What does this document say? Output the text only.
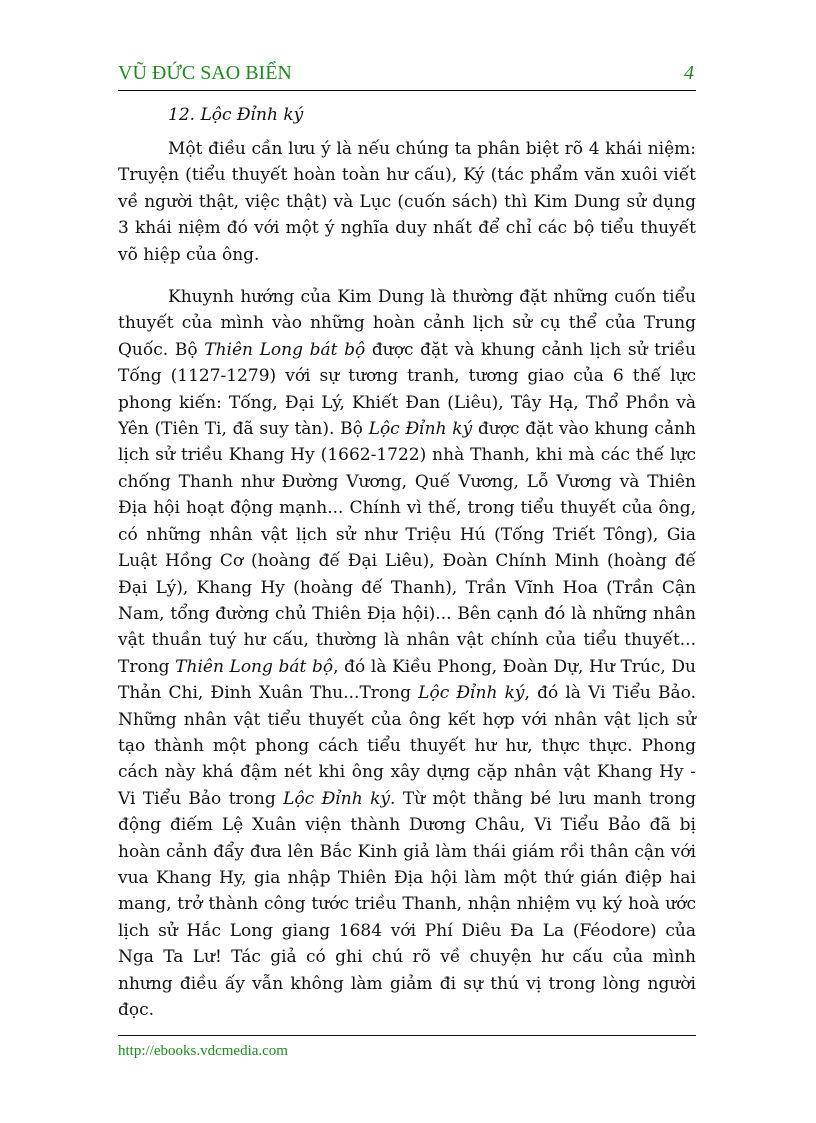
VŨ ĐỨC SAO BIỂN	4
12. Lộc Đỉnh ký

Một điều cần lưu ý là nếu chúng ta phân biệt rõ 4 khái niệm: Truyện (tiểu thuyết hoàn toàn hư cấu), Ký (tác phẩm văn xuôi viết về người thật, việc thật) và Lục (cuốn sách) thì Kim Dung sử dụng 3 khái niệm đó với một ý nghĩa duy nhất để chỉ các bộ tiểu thuyết võ hiệp của ông.

Khuynh hướng của Kim Dung là thường đặt những cuốn tiểu thuyết của mình vào những hoàn cảnh lịch sử cụ thể của Trung Quốc. Bộ Thiên Long bát bộ được đặt và khung cảnh lịch sử triều Tống (1127-1279) với sự tương tranh, tương giao của 6 thế lực phong kiến: Tống, Đại Lý, Khiết Đan (Liêu), Tây Hạ, Thổ Phồn và Yên (Tiên Ti, đã suy tàn). Bộ Lộc Đỉnh ký được đặt vào khung cảnh lịch sử triều Khang Hy (1662-1722) nhà Thanh, khi mà các thế lực chống Thanh như Đường Vương, Quế Vương, Lỗ Vương và Thiên Địa hội hoạt động mạnh... Chính vì thế, trong tiểu thuyết của ông, có những nhân vật lịch sử như Triệu Hú (Tống Triết Tông), Gia Luật Hồng Cơ (hoàng đế Đại Liêu), Đoàn Chính Minh (hoàng đế Đại Lý), Khang Hy (hoàng đế Thanh), Trần Vĩnh Hoa (Trần Cận Nam, tổng đường chủ Thiên Địa hội)... Bên cạnh đó là những nhân vật thuần tuý hư cấu, thường là nhân vật chính của tiểu thuyết... Trong Thiên Long bát bộ, đó là Kiều Phong, Đoàn Dự, Hư Trúc, Du Thản Chi, Đinh Xuân Thu...Trong Lộc Đỉnh ký, đó là Vi Tiểu Bảo. Những nhân vật tiểu thuyết của ông kết hợp với nhân vật lịch sử tạo thành một phong cách tiểu thuyết hư hư, thực thực. Phong cách này khá đậm nét khi ông xây dựng cặp nhân vật Khang Hy - Vi Tiểu Bảo trong Lộc Đỉnh ký. Từ một thằng bé lưu manh trong động điếm Lệ Xuân viện thành Dương Châu, Vi Tiểu Bảo đã bị hoàn cảnh đẩy đưa lên Bắc Kinh giả làm thái giám rồi thân cận với vua Khang Hy, gia nhập Thiên Địa hội làm một thứ gián điệp hai mang, trở thành công tước triều Thanh, nhận nhiệm vụ ký hoà ước lịch sử Hắc Long giang 1684 với Phí Diêu Đa La (Féodore) của Nga Ta Lư! Tác giả có ghi chú rõ về chuyện hư cấu của mình nhưng điều ấy vẫn không làm giảm đi sự thú vị trong lòng người đọc.

http://ebooks.vdcmedia.com
